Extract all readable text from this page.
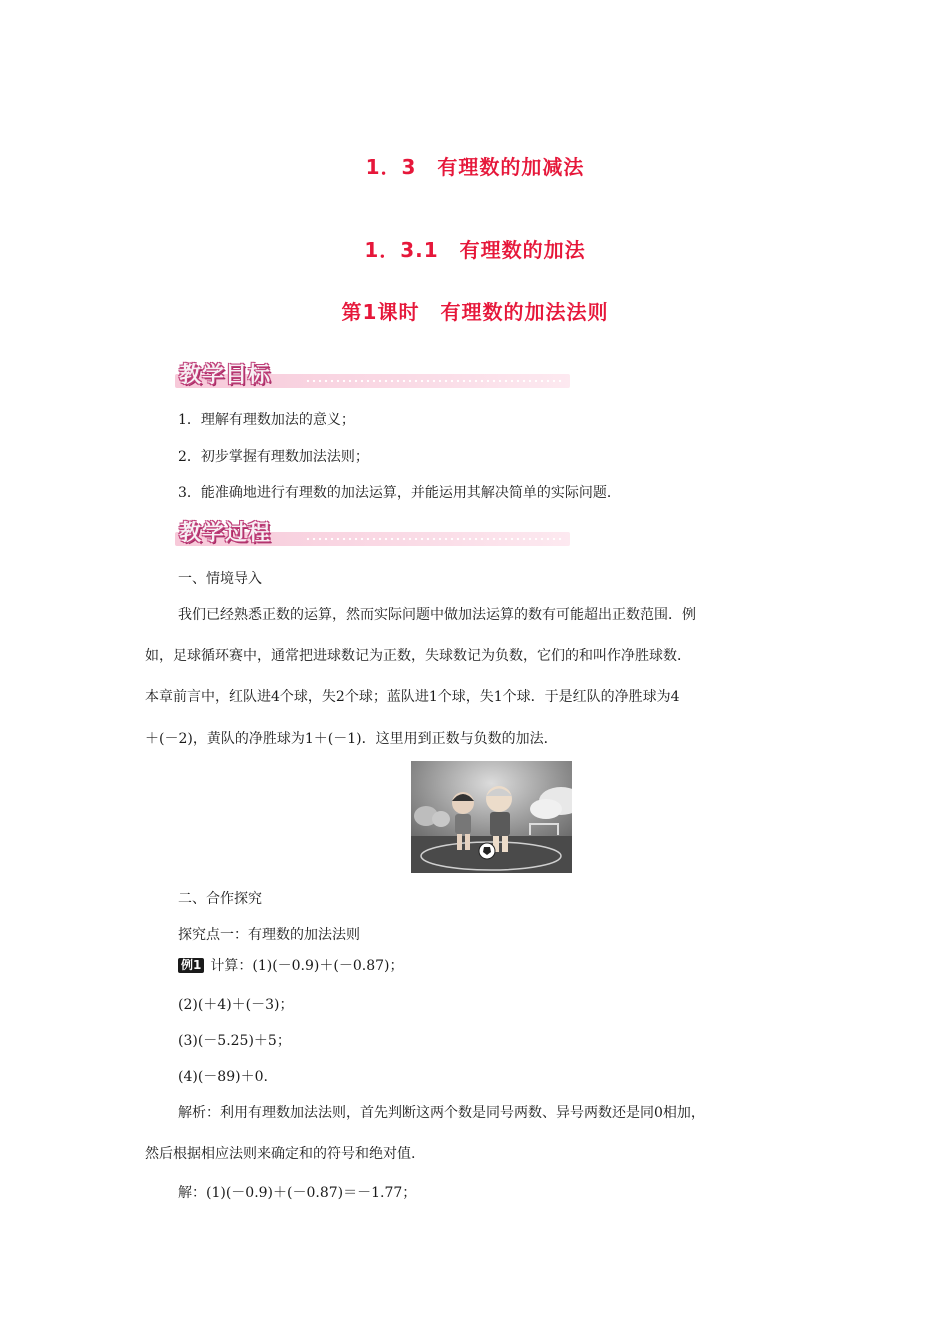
1．3　有理数的加减法
1．3.1　有理数的加法
第1课时　有理数的加法法则
教学目标
1．理解有理数加法的意义；
2．初步掌握有理数加法法则；
3．能准确地进行有理数的加法运算，并能运用其解决简单的实际问题．
教学过程
一、情境导入
我们已经熟悉正数的运算，然而实际问题中做加法运算的数有可能超出正数范围．例
如，足球循环赛中，通常把进球数记为正数，失球数记为负数，它们的和叫作净胜球数．
本章前言中，红队进4个球，失2个球；蓝队进1个球，失1个球．于是红队的净胜球为4
＋(－2)，黄队的净胜球为1＋(－1)．这里用到正数与负数的加法．
二、合作探究
探究点一：有理数的加法法则
例1 计算：(1)(－0.9)＋(－0.87)；
(2)(＋4)＋(－3)；
(3)(－5.25)＋5；
(4)(－89)＋0.
解析：利用有理数加法法则，首先判断这两个数是同号两数、异号两数还是同0相加，
然后根据相应法则来确定和的符号和绝对值.
解：(1)(－0.9)＋(－0.87)＝－1.77；
